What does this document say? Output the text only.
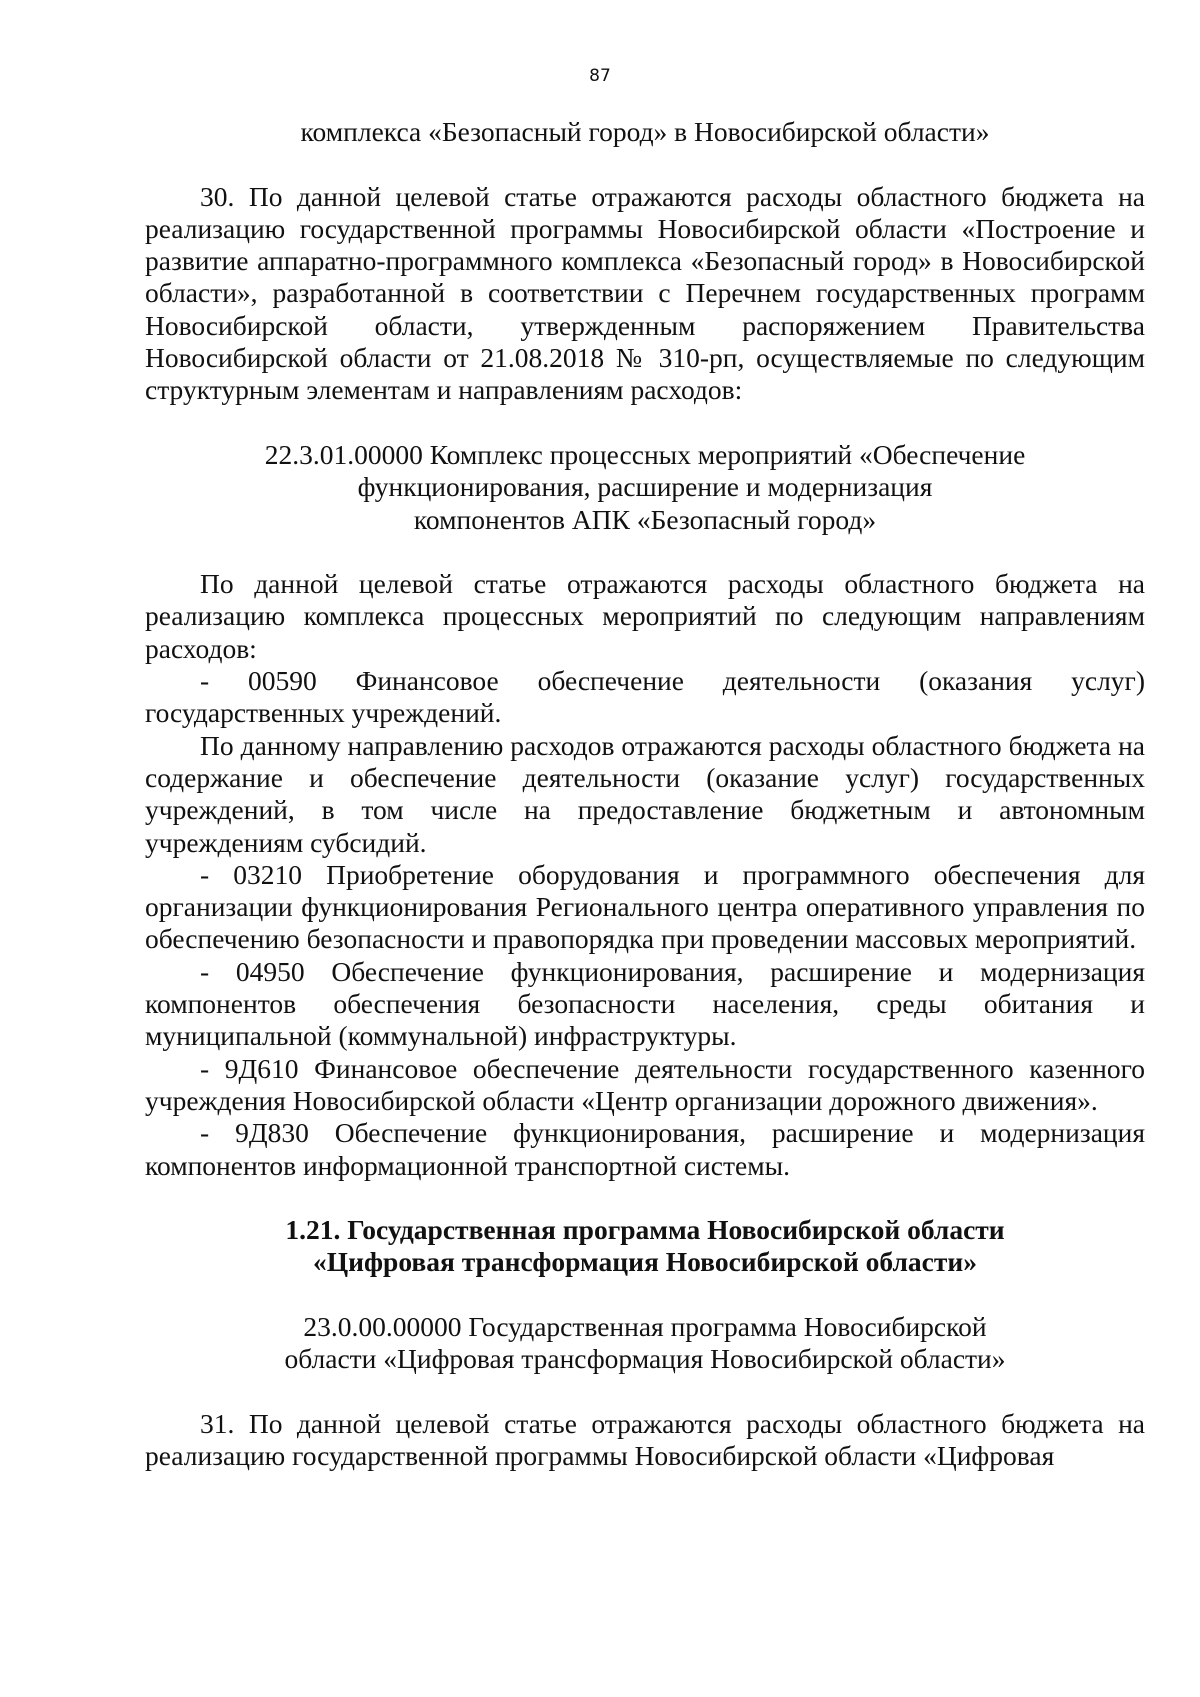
87
комплекса «Безопасный город» в Новосибирской области»

30. По данной целевой статье отражаются расходы областного бюджета на реализацию государственной программы Новосибирской области «Построение и развитие аппаратно-программного комплекса «Безопасный город» в Новосибирской области», разработанной в соответствии с Перечнем государственных программ Новосибирской области, утвержденным распоряжением Правительства Новосибирской области от 21.08.2018 № 310-рп, осуществляемые по следующим структурным элементам и направлениям расходов:

22.3.01.00000 Комплекс процессных мероприятий «Обеспечение
функционирования, расширение и модернизация
компонентов АПК «Безопасный город»

По данной целевой статье отражаются расходы областного бюджета на реализацию комплекса процессных мероприятий по следующим направлениям расходов:

- 00590 Финансовое обеспечение деятельности (оказания услуг) государственных учреждений.

По данному направлению расходов отражаются расходы областного бюджета на содержание и обеспечение деятельности (оказание услуг) государственных учреждений, в том числе на предоставление бюджетным и автономным учреждениям субсидий.

- 03210 Приобретение оборудования и программного обеспечения для организации функционирования Регионального центра оперативного управления по обеспечению безопасности и правопорядка при проведении массовых мероприятий.

- 04950 Обеспечение функционирования, расширение и модернизация компонентов обеспечения безопасности населения, среды обитания и муниципальной (коммунальной) инфраструктуры.

- 9Д610 Финансовое обеспечение деятельности государственного казенного учреждения Новосибирской области «Центр организации дорожного движения».

- 9Д830 Обеспечение функционирования, расширение и модернизация компонентов информационной транспортной системы.

1.21. Государственная программа Новосибирской области
«Цифровая трансформация Новосибирской области»
23.0.00.00000 Государственная программа Новосибирской
области «Цифровая трансформация Новосибирской области»

31. По данной целевой статье отражаются расходы областного бюджета на реализацию государственной программы Новосибирской области «Цифровая
